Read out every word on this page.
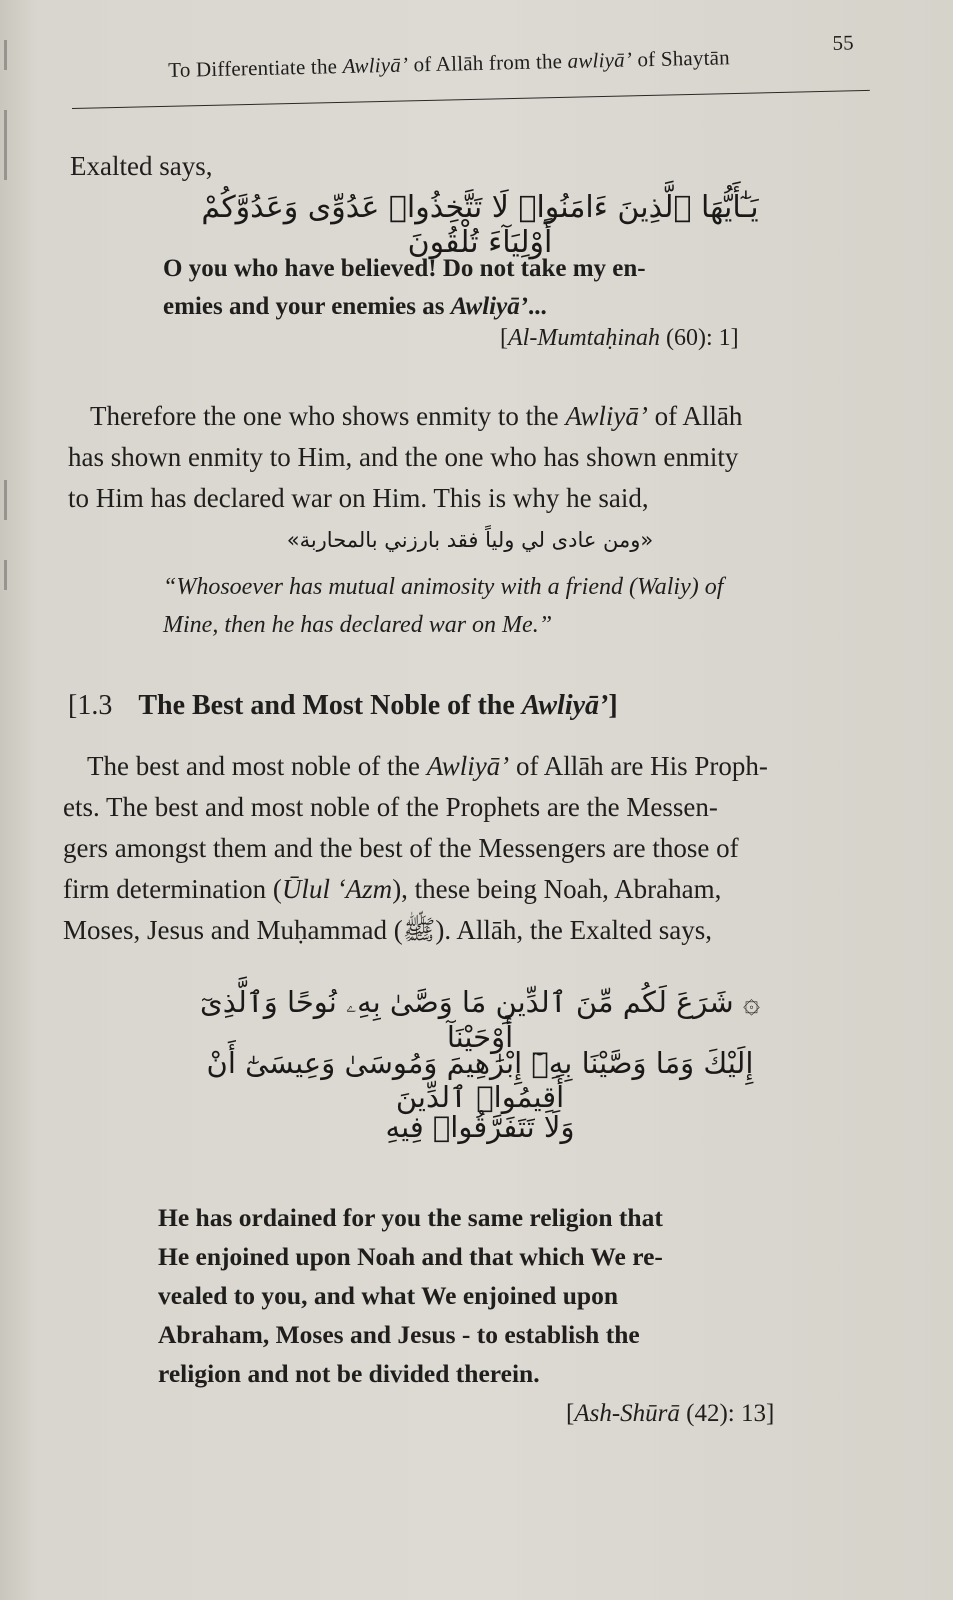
To Differentiate the Awliyā’ of Allāh from the awliyā’ of Shaytān
55
Exalted says,
يَـٰٓأَيُّهَا ٱلَّذِينَ ءَامَنُوا۟ لَا تَتَّخِذُوا۟ عَدُوِّى وَعَدُوَّكُمْ أَوْلِيَآءَ تُلْقُونَ
O you who have believed! Do not take my en-
emies and your enemies as Awliyā’...
[Al-Mumtaḥinah (60): 1]
Therefore the one who shows enmity to the Awliyā’ of Allāh
has shown enmity to Him, and the one who has shown enmity
to Him has declared war on Him. This is why he said,
«ومن عادى لي ولياً فقد بارزني بالمحاربة»
“Whosoever has mutual animosity with a friend (Waliy) of
Mine, then he has declared war on Me.”
[1.3 The Best and Most Noble of the Awliyā’]
The best and most noble of the Awliyā’ of Allāh are His Proph-
ets. The best and most noble of the Prophets are the Messen-
gers amongst them and the best of the Messengers are those of
firm determination (Ūlul ‘Azm), these being Noah, Abraham,
Moses, Jesus and Muḥammad (ﷺ). Allāh, the Exalted says,
۞ شَرَعَ لَكُم مِّنَ ٱلدِّينِ مَا وَصَّىٰ بِهِۦ نُوحًا وَٱلَّذِىٓ أَوْحَيْنَآ
إِلَيْكَ وَمَا وَصَّيْنَا بِهِۦٓ إِبْرَٰهِيمَ وَمُوسَىٰ وَعِيسَىٰٓ أَنْ أَقِيمُوا۟ ٱلدِّينَ
وَلَا تَتَفَرَّقُوا۟ فِيهِ
He has ordained for you the same religion that
He enjoined upon Noah and that which We re-
vealed to you, and what We enjoined upon
Abraham, Moses and Jesus - to establish the
religion and not be divided therein.
[Ash-Shūrā (42): 13]
